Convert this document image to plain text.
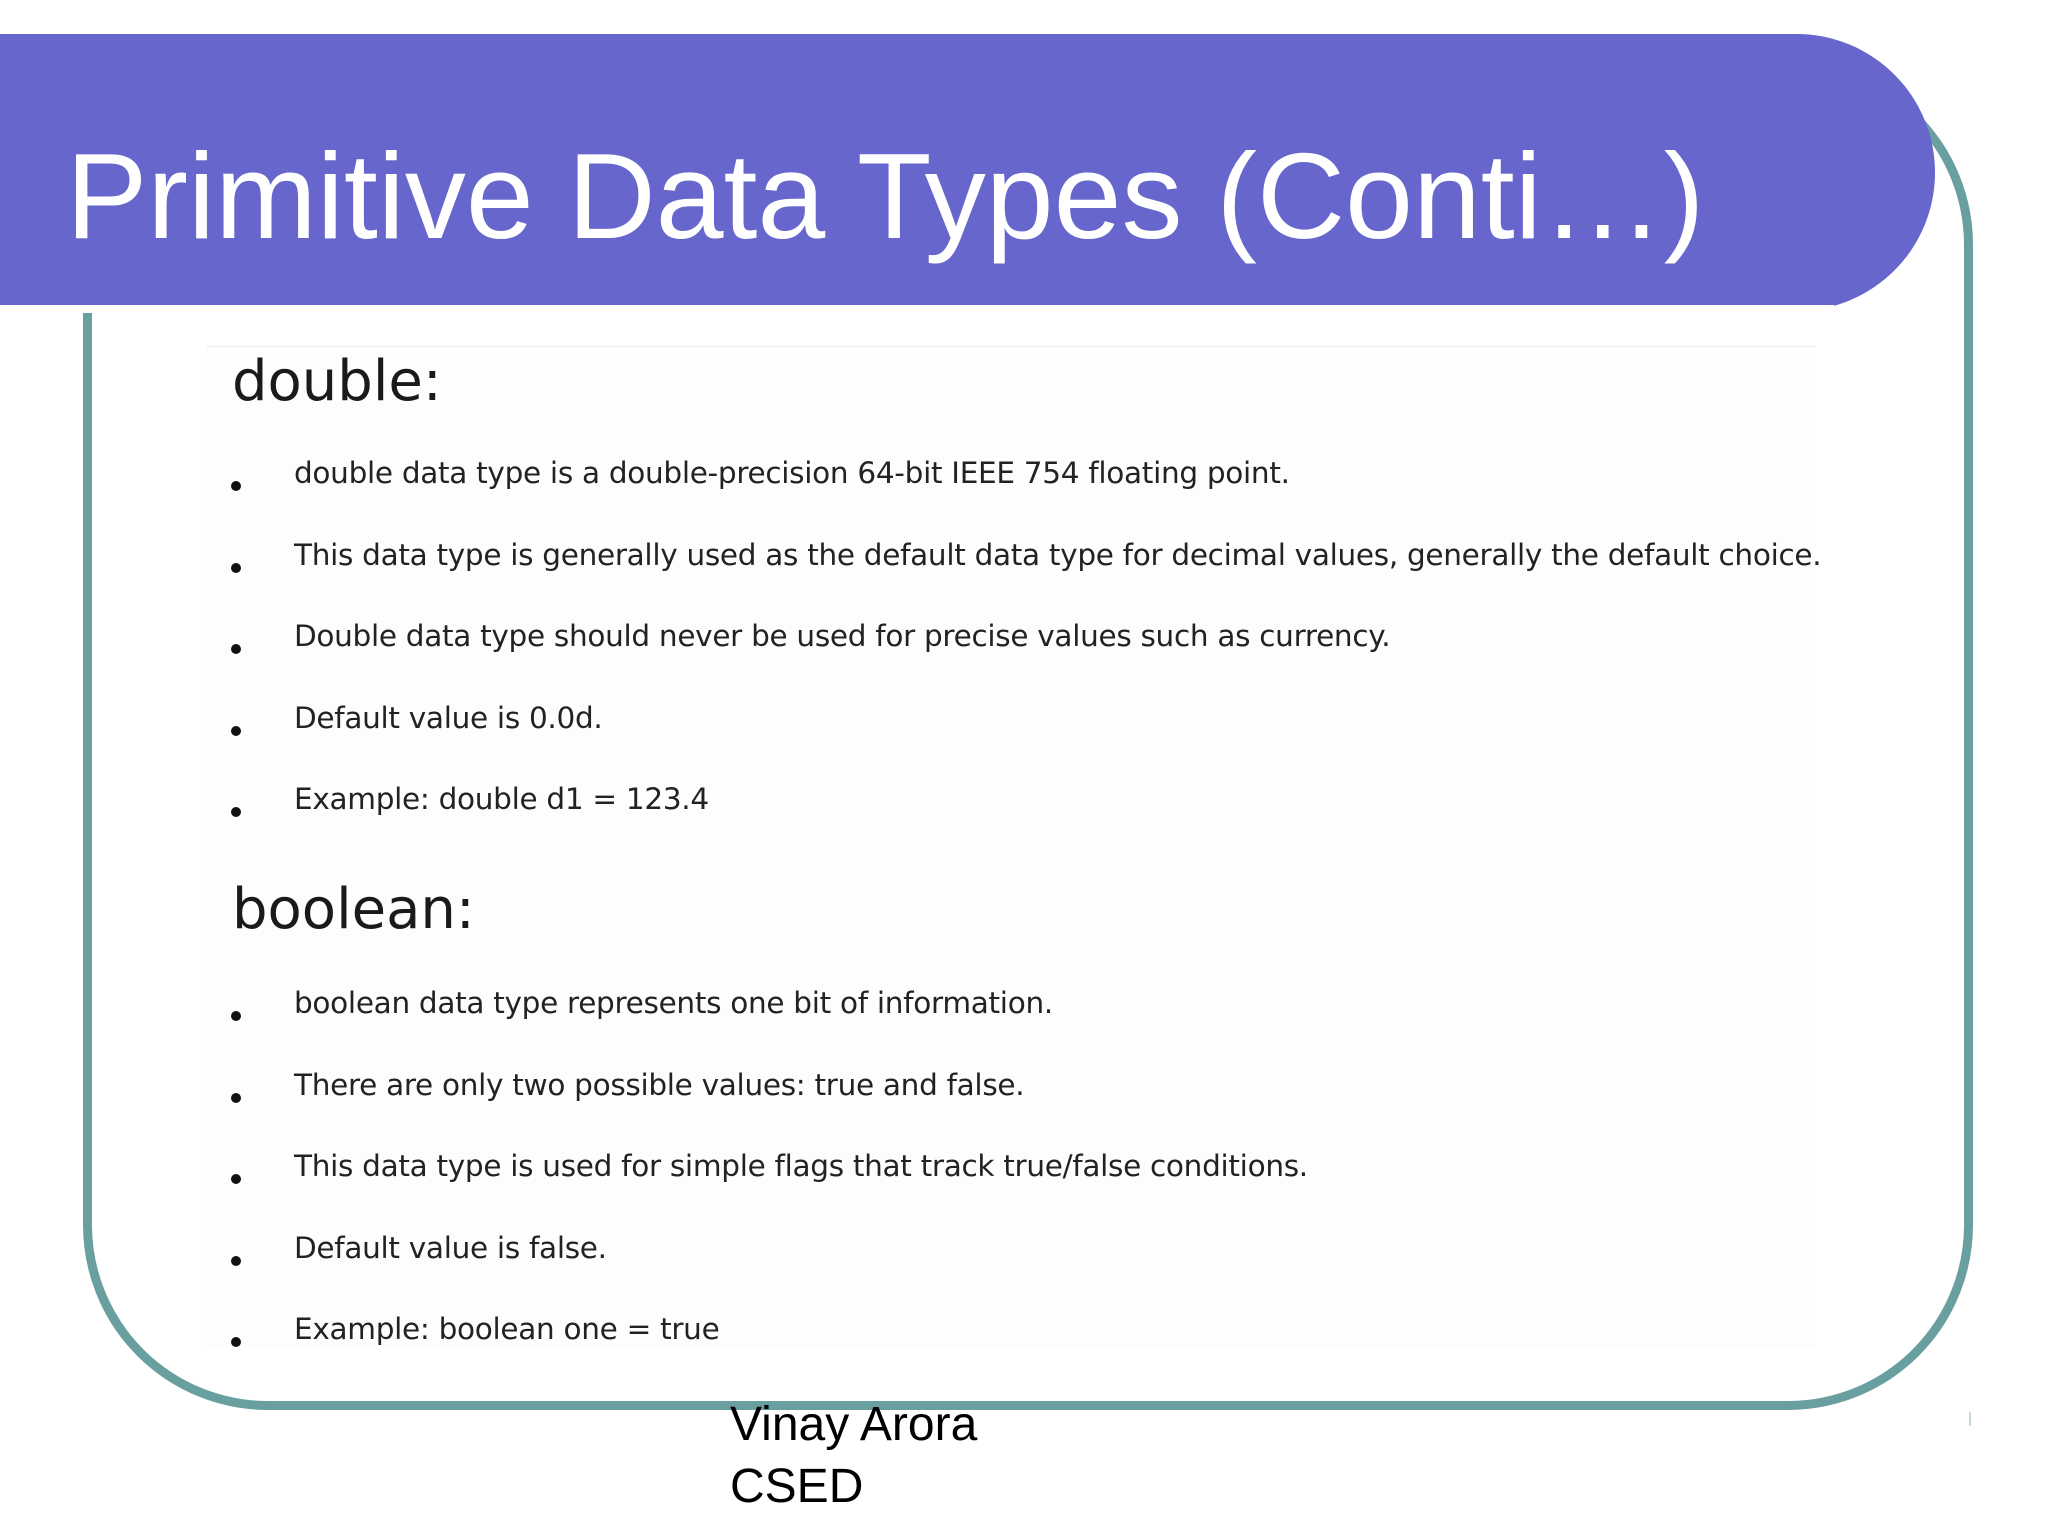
Primitive Data Types (Conti…)
double:
double data type is a double-precision 64-bit IEEE 754 floating point.
This data type is generally used as the default data type for decimal values, generally the default choice.
Double data type should never be used for precise values such as currency.
Default value is 0.0d.
Example: double d1 = 123.4
boolean:
boolean data type represents one bit of information.
There are only two possible values: true and false.
This data type is used for simple flags that track true/false conditions.
Default value is false.
Example: boolean one = true
Vinay Arora
CSED
